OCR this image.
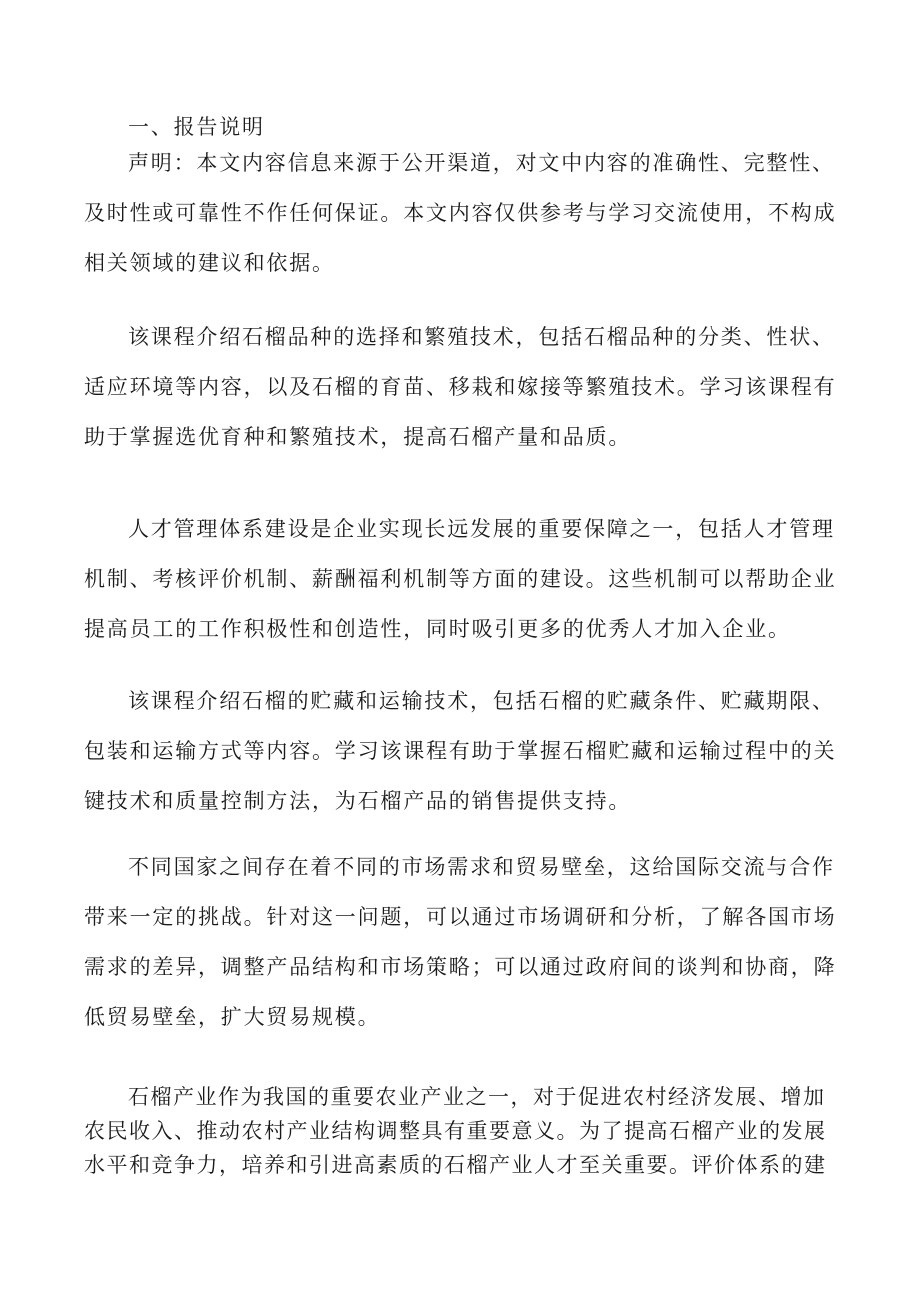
一、报告说明
声明：本文内容信息来源于公开渠道，对文中内容的准确性、完整性、
及时性或可靠性不作任何保证。本文内容仅供参考与学习交流使用，不构成
相关领域的建议和依据。
该课程介绍石榴品种的选择和繁殖技术，包括石榴品种的分类、性状、
适应环境等内容，以及石榴的育苗、移栽和嫁接等繁殖技术。学习该课程有
助于掌握选优育种和繁殖技术，提高石榴产量和品质。
人才管理体系建设是企业实现长远发展的重要保障之一，包括人才管理
机制、考核评价机制、薪酬福利机制等方面的建设。这些机制可以帮助企业
提高员工的工作积极性和创造性，同时吸引更多的优秀人才加入企业。
该课程介绍石榴的贮藏和运输技术，包括石榴的贮藏条件、贮藏期限、
包装和运输方式等内容。学习该课程有助于掌握石榴贮藏和运输过程中的关
键技术和质量控制方法，为石榴产品的销售提供支持。
不同国家之间存在着不同的市场需求和贸易壁垒，这给国际交流与合作
带来一定的挑战。针对这一问题，可以通过市场调研和分析，了解各国市场
需求的差异，调整产品结构和市场策略；可以通过政府间的谈判和协商，降
低贸易壁垒，扩大贸易规模。
石榴产业作为我国的重要农业产业之一，对于促进农村经济发展、增加
农民收入、推动农村产业结构调整具有重要意义。为了提高石榴产业的发展
水平和竞争力，培养和引进高素质的石榴产业人才至关重要。评价体系的建
